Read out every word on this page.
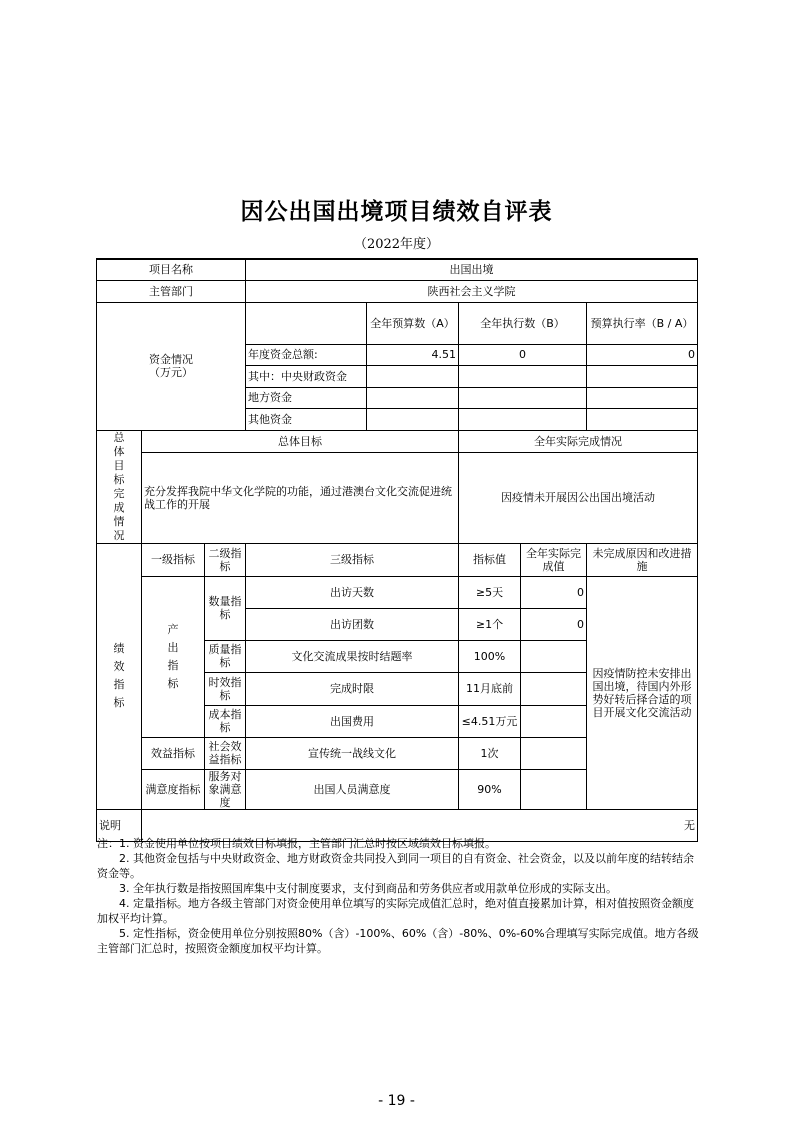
因公出国出境项目绩效自评表
（2022年度）
项目名称			出国出境				
主管部门			陕西社会主义学院				
资金情况
（万元）				全年预算数（A）	全年执行数（B）		预算执行率（B / A）
			年度资金总额:	4.51	0		0
			其中：中央财政资金				
			地方资金				
			其他资金				
总体目标完成情况	总体目标				全年实际完成情况		
	充分发挥我院中华文化学院的功能，通过港澳台文化交流促进统战工作的开展				因疫情未开展因公出国出境活动		
绩效指标	一级指标	二级指标	三级指标		指标值	全年实际完成值	未完成原因和改进措施
	产出指标	数量指标	出访天数		≥5天	0	因疫情防控未安排出国出境，待国内外形势好转后择合适的项目开展文化交流活动
			出访团数		≥1个	0	
		质量指标	文化交流成果按时结题率		100%		
		时效指标	完成时限		11月底前		
		成本指标	出国费用		≤4.51万元		
	效益指标	社会效益指标	宣传统一战线文化		1次		
	满意度指标	服务对象满意度	出国人员满意度		90%		
说明	无						

注：1. 资金使用单位按项目绩效目标填报，主管部门汇总时按区域绩效目标填报。

2. 其他资金包括与中央财政资金、地方财政资金共同投入到同一项目的自有资金、社会资金，以及以前年度的结转结余资金等。

3. 全年执行数是指按照国库集中支付制度要求，支付到商品和劳务供应者或用款单位形成的实际支出。

4. 定量指标。地方各级主管部门对资金使用单位填写的实际完成值汇总时，绝对值直接累加计算，相对值按照资金额度加权平均计算。

5. 定性指标，资金使用单位分别按照80%（含）-100%、60%（含）-80%、0%-60%合理填写实际完成值。地方各级主管部门汇总时，按照资金额度加权平均计算。

- 19 -
